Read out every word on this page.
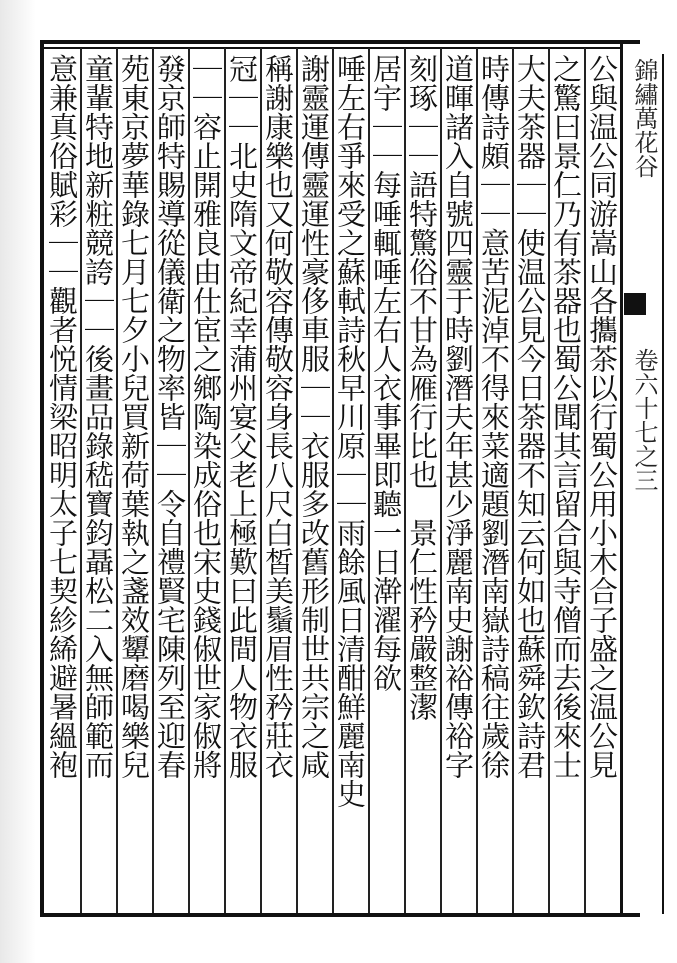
錦繡萬花谷卷六十七之三
公與温公同游嵩山各攜茶以行蜀公用小木合子盛之温公見
之驚曰景仁乃有茶器也蜀公聞其言留合與寺僧而去後來士
大夫茶器｜｜使温公見今日茶器不知云何如也蘇舜欽詩君
時傳詩頗｜｜意苦泥淖不得來菜適題劉潛南嶽詩稿往歲徐
道暉諸入自號四靈于時劉潛夫年甚少淨麗南史謝裕傳裕字
刻琢｜｜語特驚俗不甘為雁行比也　景仁性矜嚴整潔
居宇｜｜每唾輒唾左右人衣事畢即聽一日澣濯每欲
唾左右爭來受之蘇軾詩秋早川原｜｜雨餘風日清酣鮮麗南史
謝靈運傳靈運性豪侈車服｜｜衣服多改舊形制世共宗之咸
稱謝康樂也又何敬容傳敬容身長八尺白皙美鬚眉性矜莊衣
冠｜｜北史隋文帝紀幸蒲州宴父老上極歎曰此間人物衣服
｜｜容止開雅良由仕宦之鄉陶染成俗也宋史錢俶世家俶將
發京師特賜導從儀衛之物率皆｜｜令自禮賢宅陳列至迎春
苑東京夢華錄七月七夕小兒買新荷葉執之盞效顰磨喝樂兒
童輩特地新粧競誇｜｜後畫品錄嵇寶鈞聶松二入無師範而
意兼真俗賦彩｜｜觀者悦情梁昭明太子七契紾絺避暑縕袍
